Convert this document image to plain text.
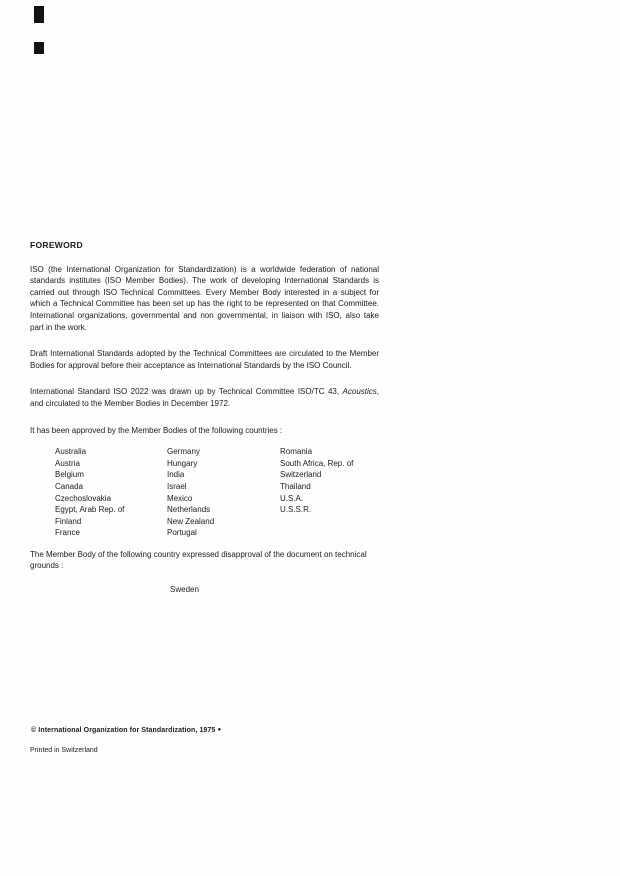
FOREWORD

ISO (the International Organization for Standardization) is a worldwide federation of national standards institutes (ISO Member Bodies). The work of developing International Standards is carried out through ISO Technical Committees. Every Member Body interested in a subject for which a Technical Committee has been set up has the right to be represented on that Committee. International organizations, governmental and non governmental, in liaison with ISO, also take part in the work.

Draft International Standards adopted by the Technical Committees are circulated to the Member Bodies for approval before their acceptance as International Standards by the ISO Council.

International Standard ISO 2022 was drawn up by Technical Committee ISO/TC 43, Acoustics, and circulated to the Member Bodies in December 1972.

It has been approved by the Member Bodies of the following countries :

Australia
Austria
Belgium
Canada
Czechoslovakia
Egypt, Arab Rep. of
Finland
France
Germany
Hungary
India
Israel
Mexico
Netherlands
New Zealand
Portugal
Romania
South Africa, Rep. of
Switzerland
Thailand
U.S.A.
U.S.S.R.

The Member Body of the following country expressed disapproval of the document on technical grounds :

Sweden
© International Organization for Standardization, 1975 ●
Printed in Switzerland
